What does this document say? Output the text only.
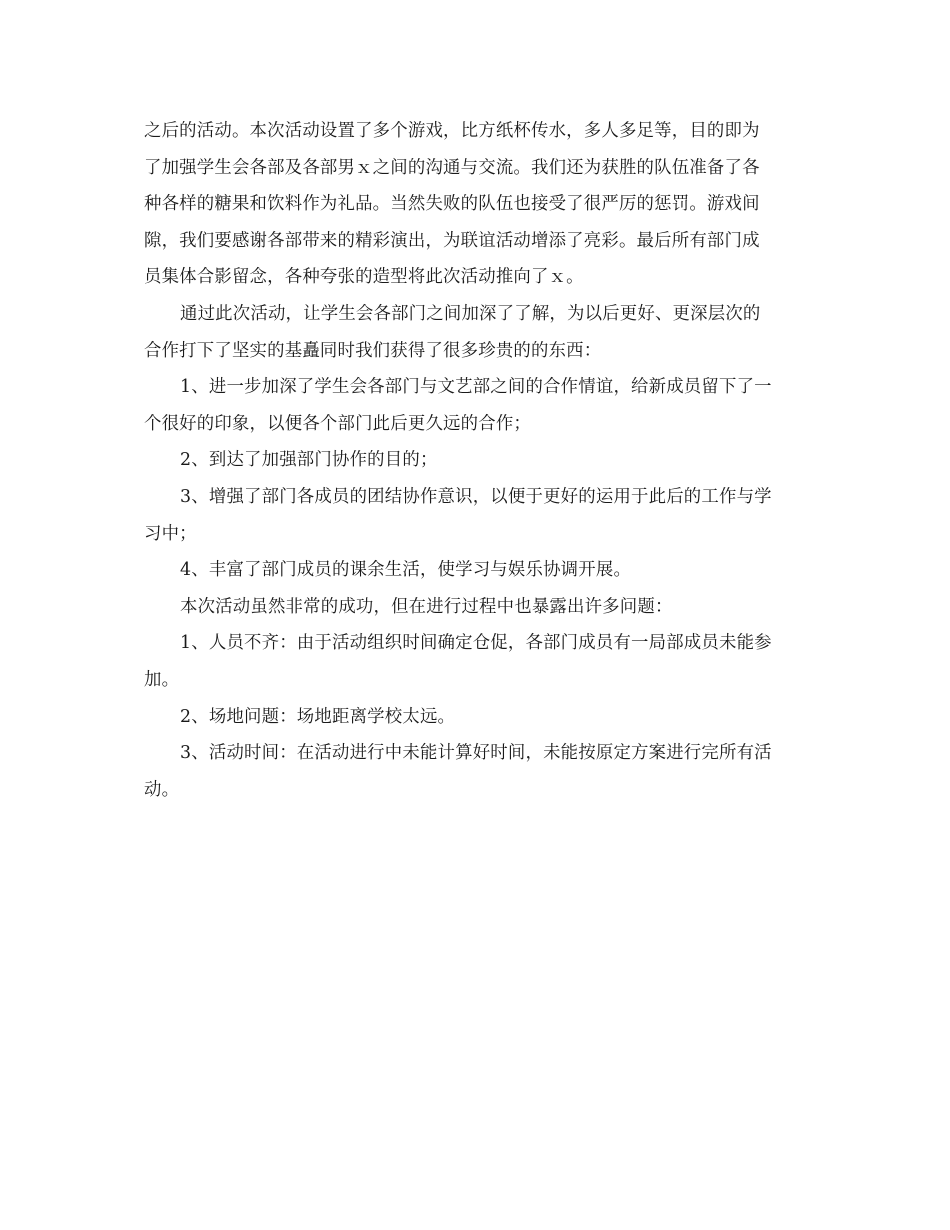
之后的活动。本次活动设置了多个游戏，比方纸杯传水，多人多足等，目的即为
了加强学生会各部及各部男ｘ之间的沟通与交流。我们还为获胜的队伍准备了各
种各样的糖果和饮料作为礼品。当然失败的队伍也接受了很严厉的惩罚。游戏间
隙，我们要感谢各部带来的精彩演出，为联谊活动增添了亮彩。最后所有部门成
员集体合影留念，各种夸张的造型将此次活动推向了ｘ。
通过此次活动，让学生会各部门之间加深了了解，为以后更好、更深层次的
合作打下了坚实的基矗同时我们获得了很多珍贵的的东西：
1、进一步加深了学生会各部门与文艺部之间的合作情谊，给新成员留下了一
个很好的印象，以便各个部门此后更久远的合作；
2、到达了加强部门协作的目的；
3、增强了部门各成员的团结协作意识，以便于更好的运用于此后的工作与学
习中；
4、丰富了部门成员的课余生活，使学习与娱乐协调开展。
本次活动虽然非常的成功，但在进行过程中也暴露出许多问题：
1、人员不齐：由于活动组织时间确定仓促，各部门成员有一局部成员未能参
加。
2、场地问题：场地距离学校太远。
3、活动时间：在活动进行中未能计算好时间，未能按原定方案进行完所有活
动。
